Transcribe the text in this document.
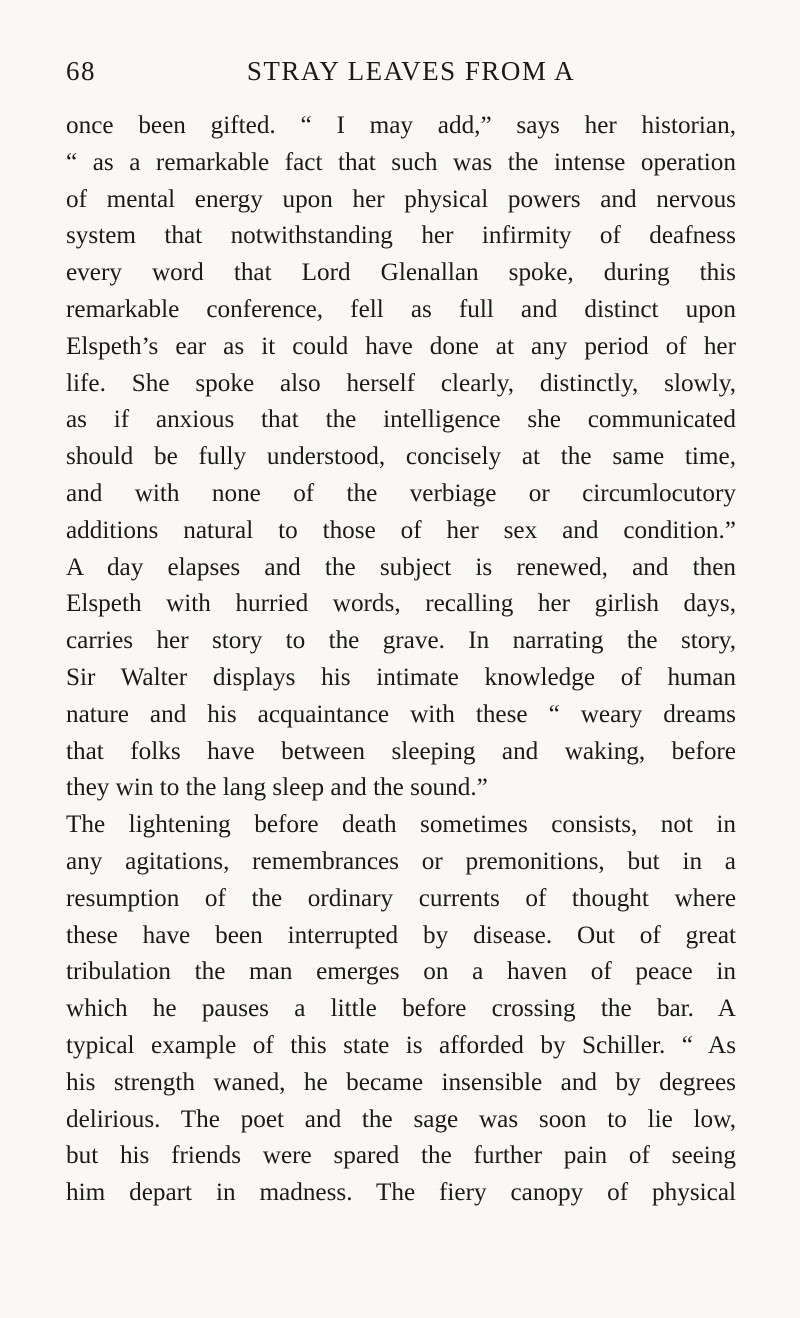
68	STRAY LEAVES FROM A
once been gifted. “ I may add,” says her historian,
“ as a remarkable fact that such was the intense operation
of mental energy upon her physical powers and nervous
system that notwithstanding her infirmity of deafness
every word that Lord Glenallan spoke, during this
remarkable conference, fell as full and distinct upon
Elspeth’s ear as it could have done at any period of her
life. She spoke also herself clearly, distinctly, slowly,
as if anxious that the intelligence she communicated
should be fully understood, concisely at the same time,
and with none of the verbiage or circumlocutory
additions natural to those of her sex and condition.”
A day elapses and the subject is renewed, and then
Elspeth with hurried words, recalling her girlish days,
carries her story to the grave. In narrating the story,
Sir Walter displays his intimate knowledge of human
nature and his acquaintance with these “ weary dreams
that folks have between sleeping and waking, before
they win to the lang sleep and the sound.”
The lightening before death sometimes consists, not in
any agitations, remembrances or premonitions, but in a
resumption of the ordinary currents of thought where
these have been interrupted by disease. Out of great
tribulation the man emerges on a haven of peace in
which he pauses a little before crossing the bar. A
typical example of this state is afforded by Schiller. “ As
his strength waned, he became insensible and by degrees
delirious. The poet and the sage was soon to lie low,
but his friends were spared the further pain of seeing
him depart in madness. The fiery canopy of physical
